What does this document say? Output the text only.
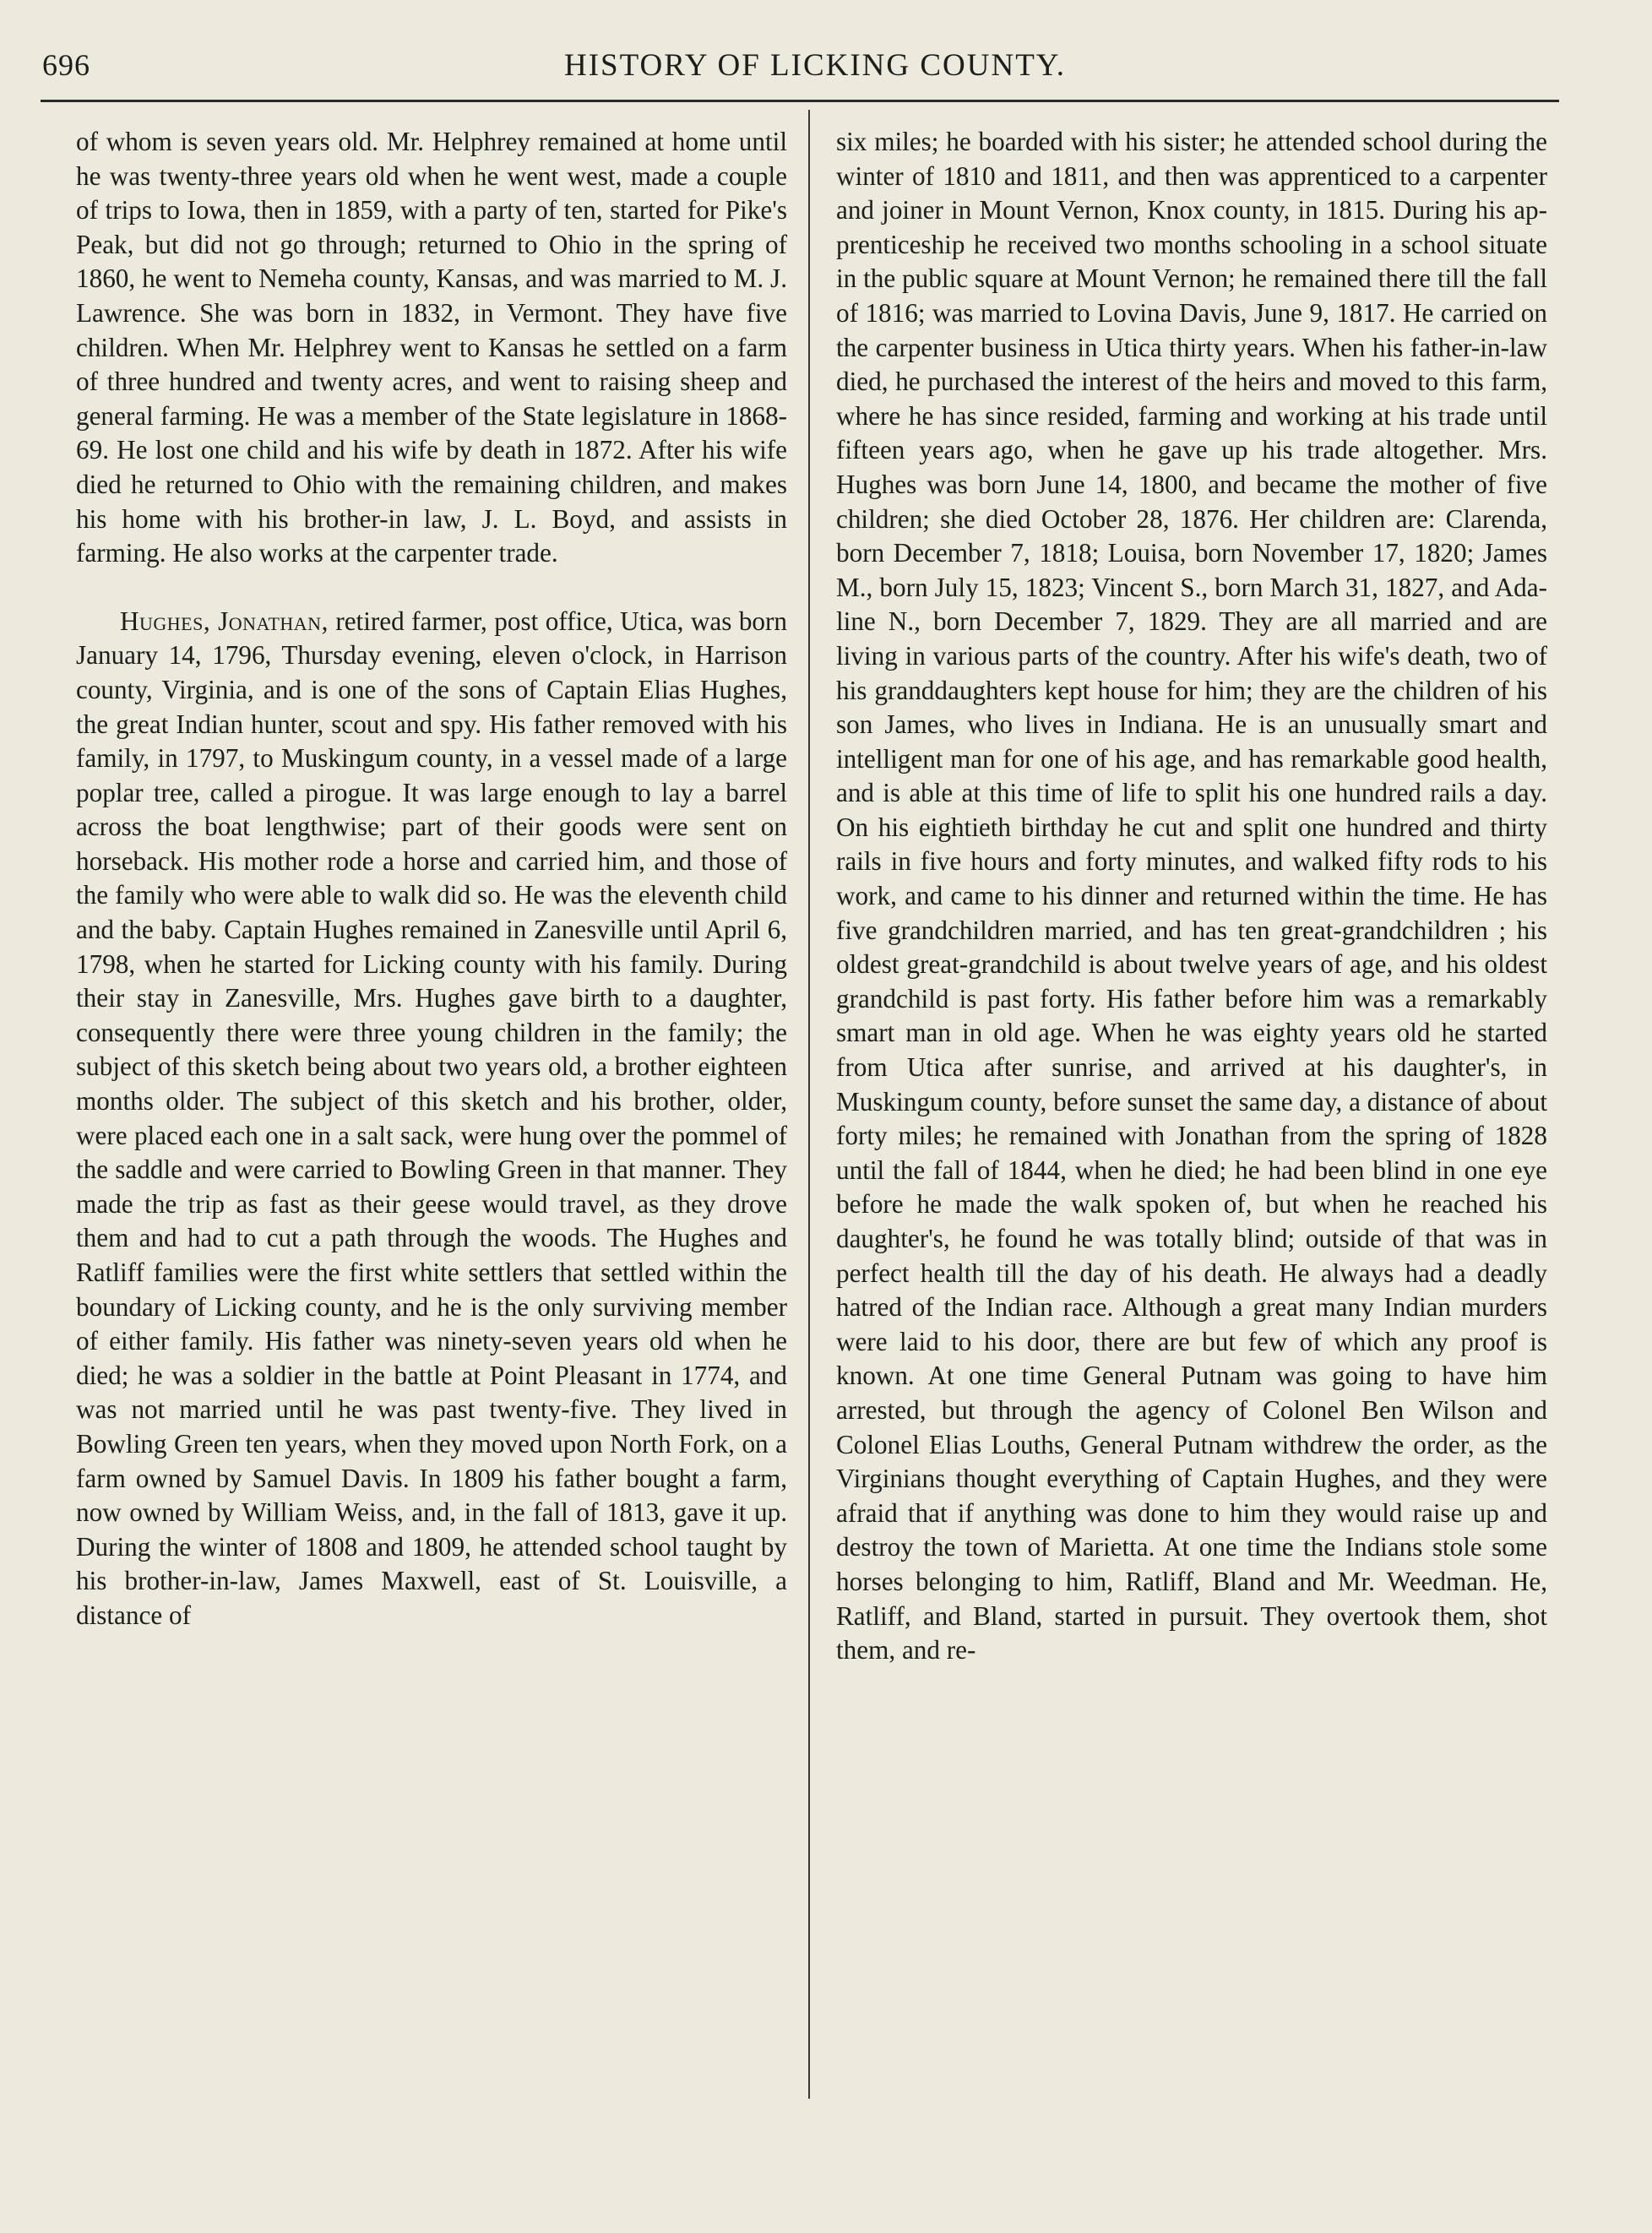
696	HISTORY OF LICKING COUNTY.

of whom is seven years old. Mr. Helphrey remained at home until he was twenty-three years old when he went west, made a couple of trips to Iowa, then in 1859, with a party of ten, started for Pike's Peak, but did not go through; returned to Ohio in the spring of 1860, he went to Nemeha county, Kansas, and was married to M. J. Lawrence. She was born in 1832, in Vermont. They have five children. When Mr. Helphrey went to Kansas he settled on a farm of three hundred and twenty acres, and went to raising sheep and general farming. He was a member of the State legislature in 1868-69. He lost one child and his wife by death in 1872. After his wife died he returned to Ohio with the remaining children, and makes his home with his brother-in law, J. L. Boyd, and assists in farming. He also works at the carpenter trade.

Hughes, Jonathan, retired farmer, post office, Utica, was born January 14, 1796, Thursday evening, eleven o'clock, in Harrison county, Virginia, and is one of the sons of Captain Elias Hughes, the great Indian hunter, scout and spy. His father removed with his family, in 1797, to Muskingum county, in a vessel made of a large poplar tree, called a pirogue. It was large enough to lay a barrel across the boat lengthwise; part of their goods were sent on horseback. His mother rode a horse and carried him, and those of the family who were able to walk did so. He was the eleventh child and the baby. Captain Hughes remained in Zanesville until April 6, 1798, when he started for Licking county with his family. During their stay in Zanesville, Mrs. Hughes gave birth to a daughter, consequently there were three young children in the family; the subject of this sketch being about two years old, a brother eighteen months older. The subject of this sketch and his brother, older, were placed each one in a salt sack, were hung over the pommel of the saddle and were carried to Bowling Green in that manner. They made the trip as fast as their geese would travel, as they drove them and had to cut a path through the woods. The Hughes and Ratliff families were the first white settlers that settled within the boundary of Licking county, and he is the only surviving member of either family. His father was ninety-seven years old when he died; he was a soldier in the battle at Point Pleasant in 1774, and was not married until he was past twenty-five. They lived in Bowling Green ten years, when they moved upon North Fork, on a farm owned by Samuel Davis. In 1809 his father bought a farm, now owned by William Weiss, and, in the fall of 1813, gave it up. During the winter of 1808 and 1809, he attended school taught by his brother-in-law, James Maxwell, east of St. Louisville, a distance of

six miles; he boarded with his sister; he attended school during the winter of 1810 and 1811, and then was apprenticed to a carpenter and joiner in Mount Vernon, Knox county, in 1815. During his apprenticeship he received two months schooling in a school situate in the public square at Mount Vernon; he remained there till the fall of 1816; was married to Lovina Davis, June 9, 1817. He carried on the carpenter business in Utica thirty years. When his father-in-law died, he purchased the interest of the heirs and moved to this farm, where he has since resided, farming and working at his trade until fifteen years ago, when he gave up his trade altogether. Mrs. Hughes was born June 14, 1800, and became the mother of five children; she died October 28, 1876. Her children are: Clarenda, born December 7, 1818; Louisa, born November 17, 1820; James M., born July 15, 1823; Vincent S., born March 31, 1827, and Adaline N., born December 7, 1829. They are all married and are living in various parts of the country. After his wife's death, two of his granddaughters kept house for him; they are the children of his son James, who lives in Indiana. He is an unusually smart and intelligent man for one of his age, and has remarkable good health, and is able at this time of life to split his one hundred rails a day. On his eightieth birthday he cut and split one hundred and thirty rails in five hours and forty minutes, and walked fifty rods to his work, and came to his dinner and returned within the time. He has five grandchildren married, and has ten great-grandchildren ; his oldest great-grandchild is about twelve years of age, and his oldest grandchild is past forty. His father before him was a remarkably smart man in old age. When he was eighty years old he started from Utica after sunrise, and arrived at his daughter's, in Muskingum county, before sunset the same day, a distance of about forty miles; he remained with Jonathan from the spring of 1828 until the fall of 1844, when he died; he had been blind in one eye before he made the walk spoken of, but when he reached his daughter's, he found he was totally blind; outside of that was in perfect health till the day of his death. He always had a deadly hatred of the Indian race. Although a great many Indian murders were laid to his door, there are but few of which any proof is known. At one time General Putnam was going to have him arrested, but through the agency of Colonel Ben Wilson and Colonel Elias Louths, General Putnam withdrew the order, as the Virginians thought everything of Captain Hughes, and they were afraid that if anything was done to him they would raise up and destroy the town of Marietta. At one time the Indians stole some horses belonging to him, Ratliff, Bland and Mr. Weedman. He, Ratliff, and Bland, started in pursuit. They overtook them, shot them, and re-
